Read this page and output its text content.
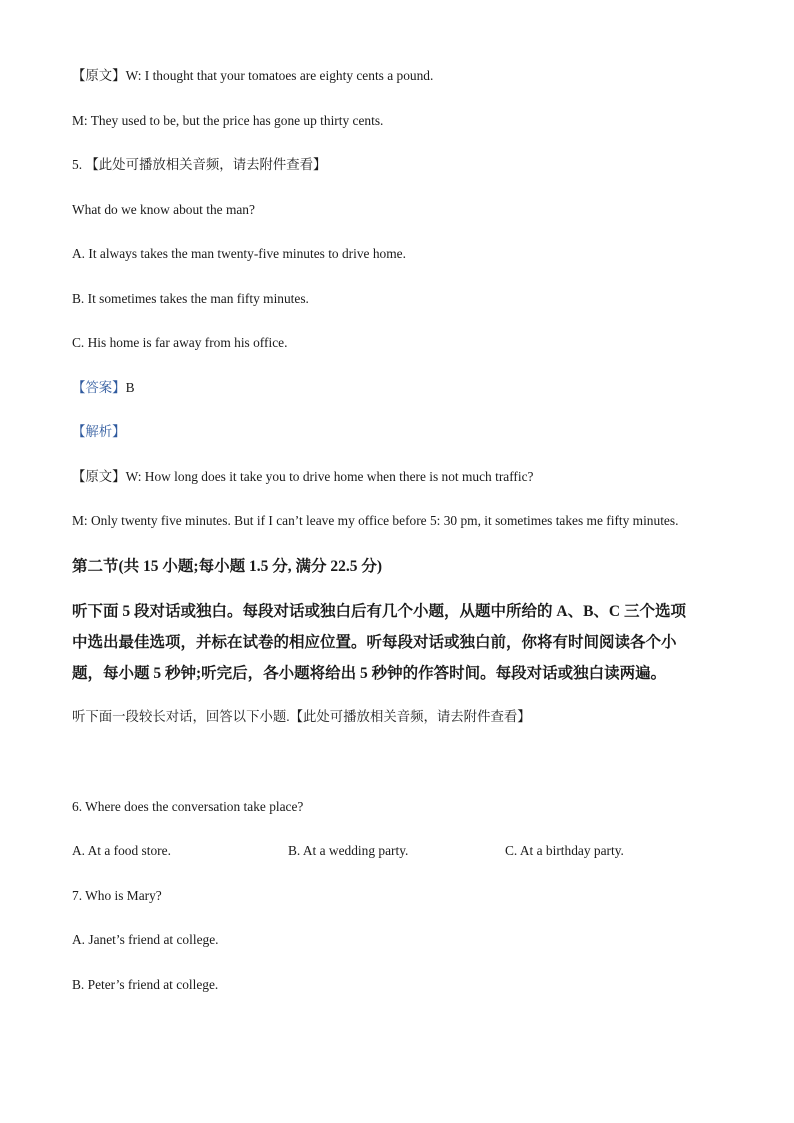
【原文】W: I thought that your tomatoes are eighty cents a pound.
M: They used to be, but the price has gone up thirty cents.
5. 【此处可播放相关音频，请去附件查看】
What do we know about the man?
A. It always takes the man twenty-five minutes to drive home.
B. It sometimes takes the man fifty minutes.
C. His home is far away from his office.
【答案】B
【解析】
【原文】W: How long does it take you to drive home when there is not much traffic?
M: Only twenty five minutes. But if I can’t leave my office before 5: 30 pm, it sometimes takes me fifty minutes.
第二节(共 15 小题;每小题 1.5 分, 满分 22.5 分)
听下面 5 段对话或独白。每段对话或独白后有几个小题，从题中所给的 A、B、C 三个选项
中选出最佳选项，并标在试卷的相应位置。听每段对话或独白前，你将有时间阅读各个小
题，每小题 5 秒钟;听完后，各小题将给出 5 秒钟的作答时间。每段对话或独白读两遍。
听下面一段较长对话，回答以下小题.【此处可播放相关音频，请去附件查看】
6. Where does the conversation take place?
A. At a food store.	B. At a wedding party.	C. At a birthday party.
7. Who is Mary?
A. Janet’s friend at college.
B. Peter’s friend at college.
